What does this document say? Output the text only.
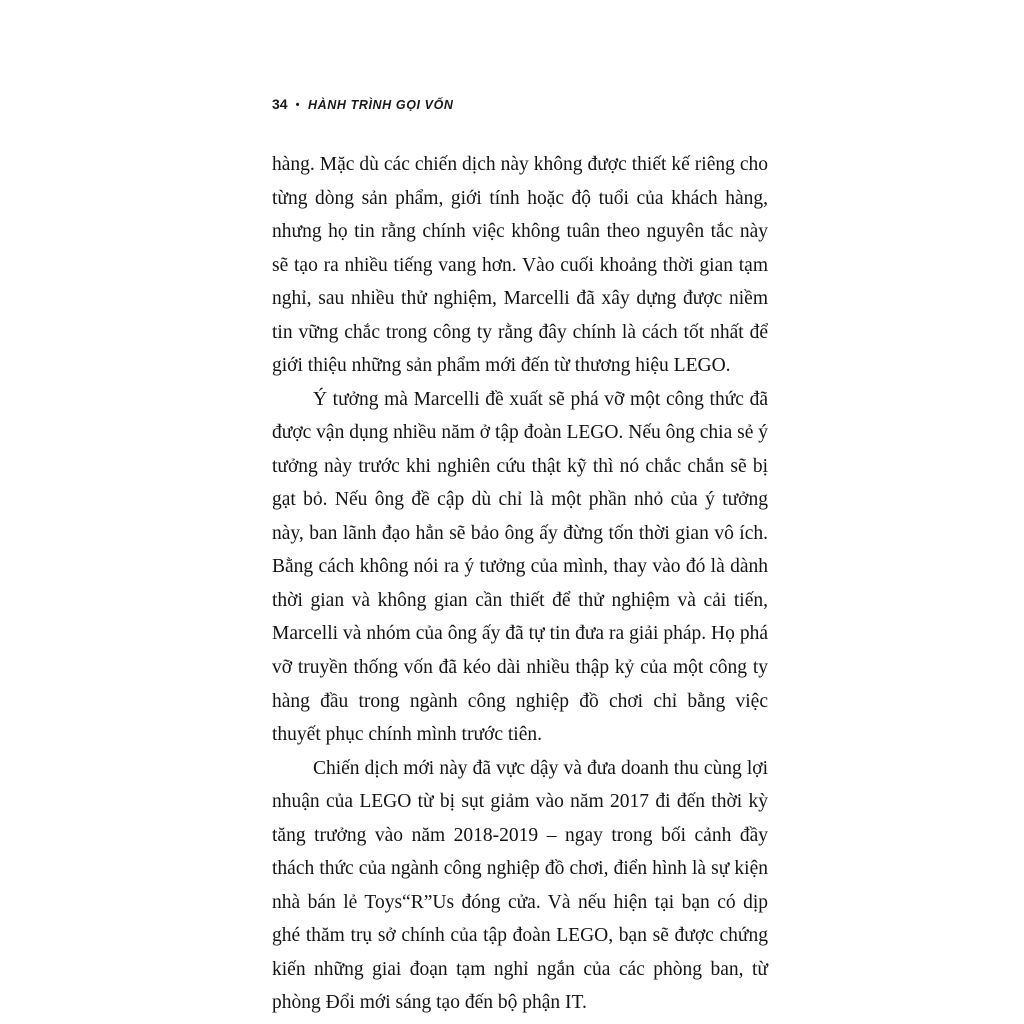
34 • HÀNH TRÌNH GỌI VỐN

hàng. Mặc dù các chiến dịch này không được thiết kế riêng cho từng dòng sản phẩm, giới tính hoặc độ tuổi của khách hàng, nhưng họ tin rằng chính việc không tuân theo nguyên tắc này sẽ tạo ra nhiều tiếng vang hơn. Vào cuối khoảng thời gian tạm nghỉ, sau nhiều thử nghiệm, Marcelli đã xây dựng được niềm tin vững chắc trong công ty rằng đây chính là cách tốt nhất để giới thiệu những sản phẩm mới đến từ thương hiệu LEGO.

Ý tưởng mà Marcelli đề xuất sẽ phá vỡ một công thức đã được vận dụng nhiều năm ở tập đoàn LEGO. Nếu ông chia sẻ ý tưởng này trước khi nghiên cứu thật kỹ thì nó chắc chắn sẽ bị gạt bỏ. Nếu ông đề cập dù chỉ là một phần nhỏ của ý tưởng này, ban lãnh đạo hẳn sẽ bảo ông ấy đừng tốn thời gian vô ích. Bằng cách không nói ra ý tưởng của mình, thay vào đó là dành thời gian và không gian cần thiết để thử nghiệm và cải tiến, Marcelli và nhóm của ông ấy đã tự tin đưa ra giải pháp. Họ phá vỡ truyền thống vốn đã kéo dài nhiều thập kỷ của một công ty hàng đầu trong ngành công nghiệp đồ chơi chỉ bằng việc thuyết phục chính mình trước tiên.

Chiến dịch mới này đã vực dậy và đưa doanh thu cùng lợi nhuận của LEGO từ bị sụt giảm vào năm 2017 đi đến thời kỳ tăng trưởng vào năm 2018-2019 – ngay trong bối cảnh đầy thách thức của ngành công nghiệp đồ chơi, điển hình là sự kiện nhà bán lẻ Toys“R”Us đóng cửa. Và nếu hiện tại bạn có dịp ghé thăm trụ sở chính của tập đoàn LEGO, bạn sẽ được chứng kiến những giai đoạn tạm nghỉ ngắn của các phòng ban, từ phòng Đổi mới sáng tạo đến bộ phận IT.
